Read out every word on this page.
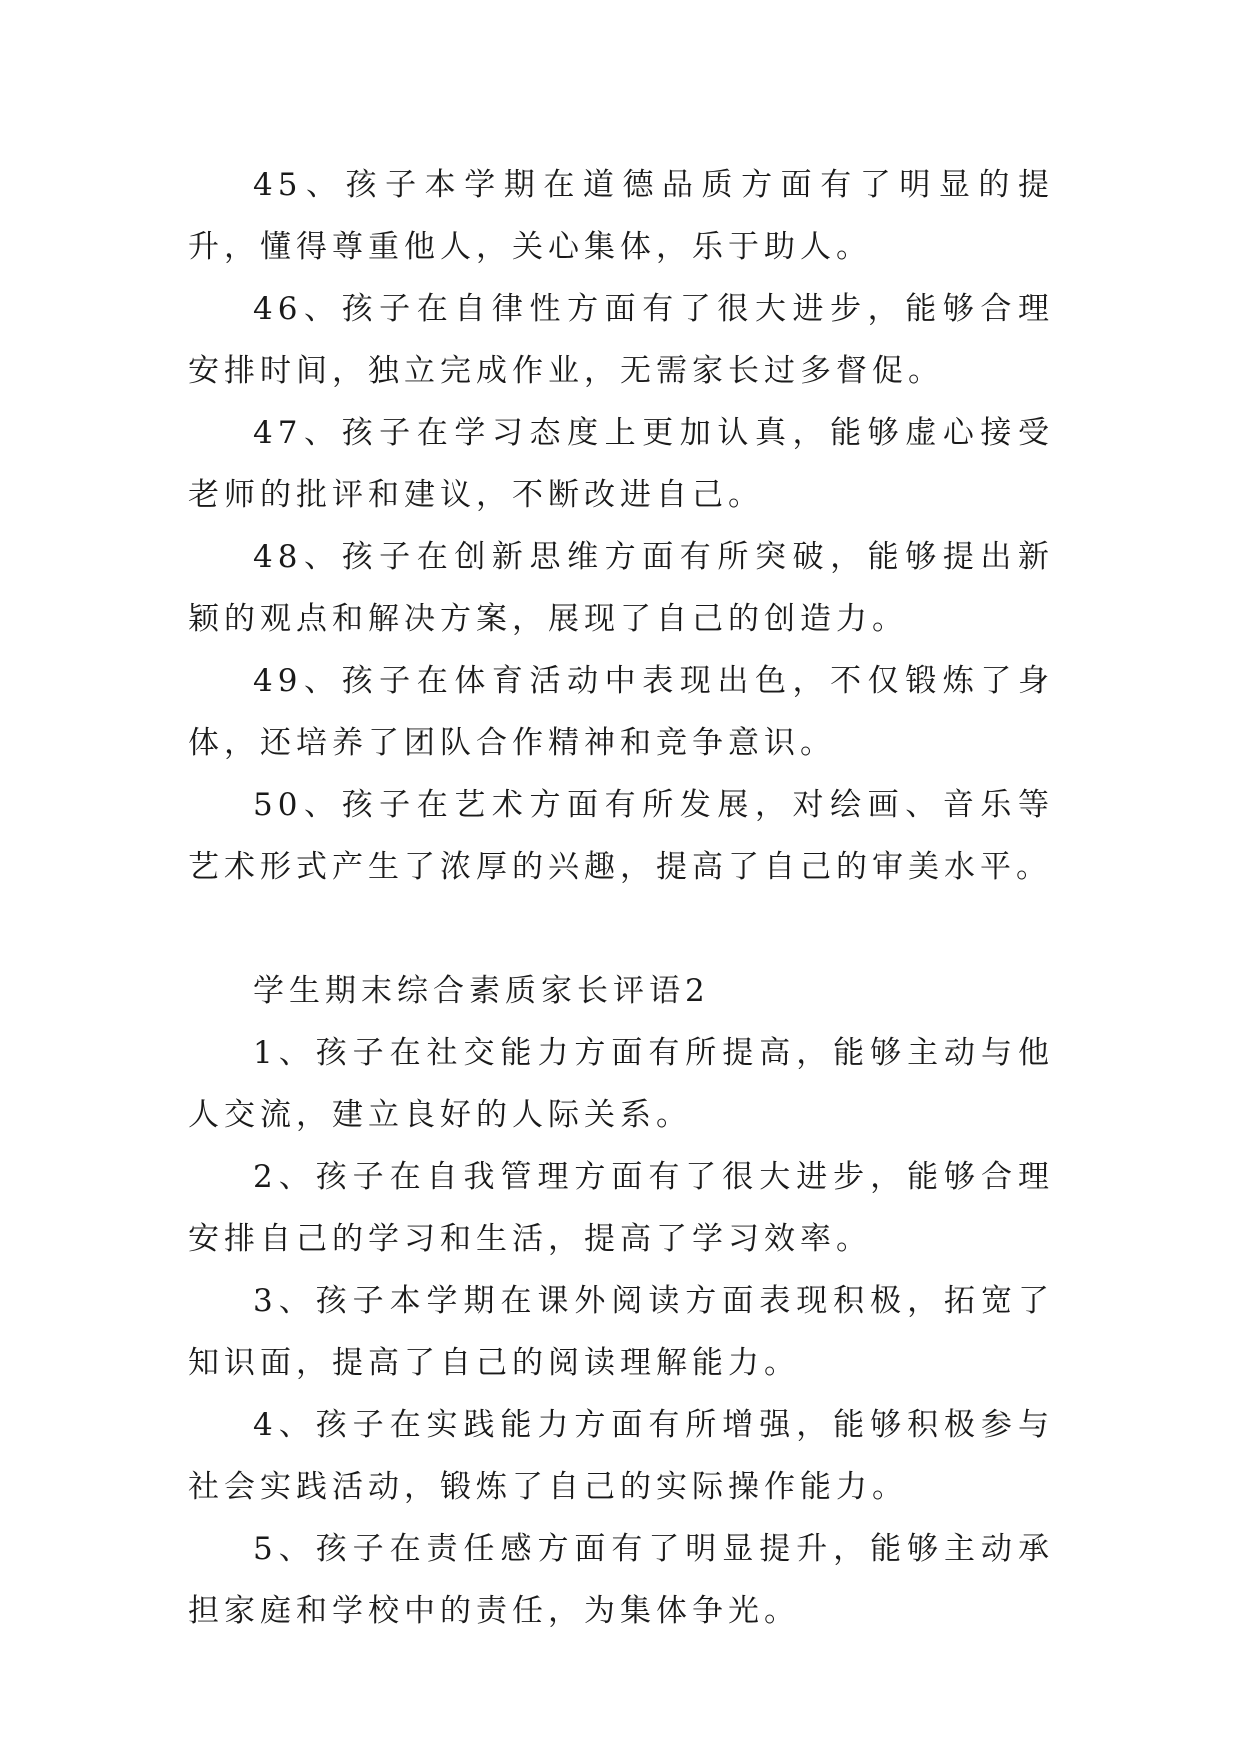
45、孩子本学期在道德品质方面有了明显的提升，懂得尊重他人，关心集体，乐于助人。

46、孩子在自律性方面有了很大进步，能够合理安排时间，独立完成作业，无需家长过多督促。

47、孩子在学习态度上更加认真，能够虚心接受老师的批评和建议，不断改进自己。

48、孩子在创新思维方面有所突破，能够提出新颖的观点和解决方案，展现了自己的创造力。

49、孩子在体育活动中表现出色，不仅锻炼了身体，还培养了团队合作精神和竞争意识。

50、孩子在艺术方面有所发展，对绘画、音乐等艺术形式产生了浓厚的兴趣，提高了自己的审美水平。

学生期末综合素质家长评语2

1、孩子在社交能力方面有所提高，能够主动与他人交流，建立良好的人际关系。

2、孩子在自我管理方面有了很大进步，能够合理安排自己的学习和生活，提高了学习效率。

3、孩子本学期在课外阅读方面表现积极，拓宽了知识面，提高了自己的阅读理解能力。

4、孩子在实践能力方面有所增强，能够积极参与社会实践活动，锻炼了自己的实际操作能力。

5、孩子在责任感方面有了明显提升，能够主动承担家庭和学校中的责任，为集体争光。
